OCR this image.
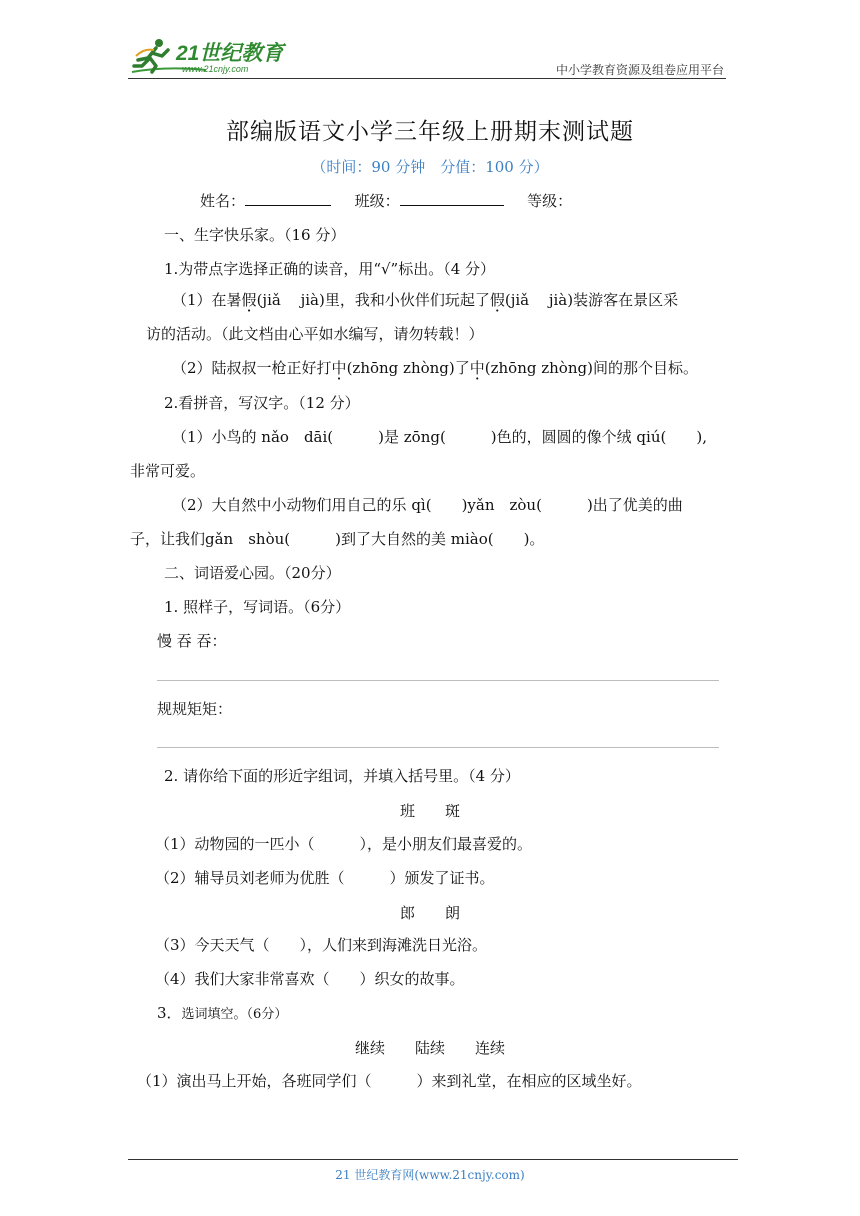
21世纪教育
www.21cnjy.com	中小学教育资源及组卷应用平台
部编版语文小学三年级上册期末测试题
（时间：90 分钟　分值：100 分）
姓名：	班级：	等级：
一、生字快乐家。（16 分）
1.为带点字选择正确的读音，用“√”标出。（4 分）
（1）在暑假(jiǎ　 jià)里，我和小伙伴们玩起了假(jiǎ　 jià)装游客在景区采
访的活动。（此文档由心平如水编写，请勿转载！）
（2）陆叔叔一枪正好打中(zhōng zhòng)了中(zhōng zhòng)间的那个目标。
2.看拼音，写汉字。（12 分）
（1）小鸟的 nǎo　dāi(　　　)是 zōng(　　　)色的，圆圆的像个绒 qiú(　　),
非常可爱。
（2）大自然中小动物们用自己的乐 qì(　　)yǎn　zòu(　　　)出了优美的曲
子，让我们gǎn　shòu(　　　)到了大自然的美 miào(　　)。
二、词语爱心园。（20分）
1. 照样子，写词语。（6分）
慢 吞 吞：
规规矩矩：
2. 请你给下面的形近字组词，并填入括号里。（4 分）
班　　斑
（1）动物园的一匹小（　　　），是小朋友们最喜爱的。
（2）辅导员刘老师为优胜（　　　）颁发了证书。
郎　　朗
（3）今天天气（　　），人们来到海滩洗日光浴。
（4）我们大家非常喜欢（　　）织女的故事。
3．选词填空。（6分）
继续　　陆续　　连续
（1）演出马上开始，各班同学们（　　　）来到礼堂，在相应的区域坐好。
21 世纪教育网(www.21cnjy.com)
